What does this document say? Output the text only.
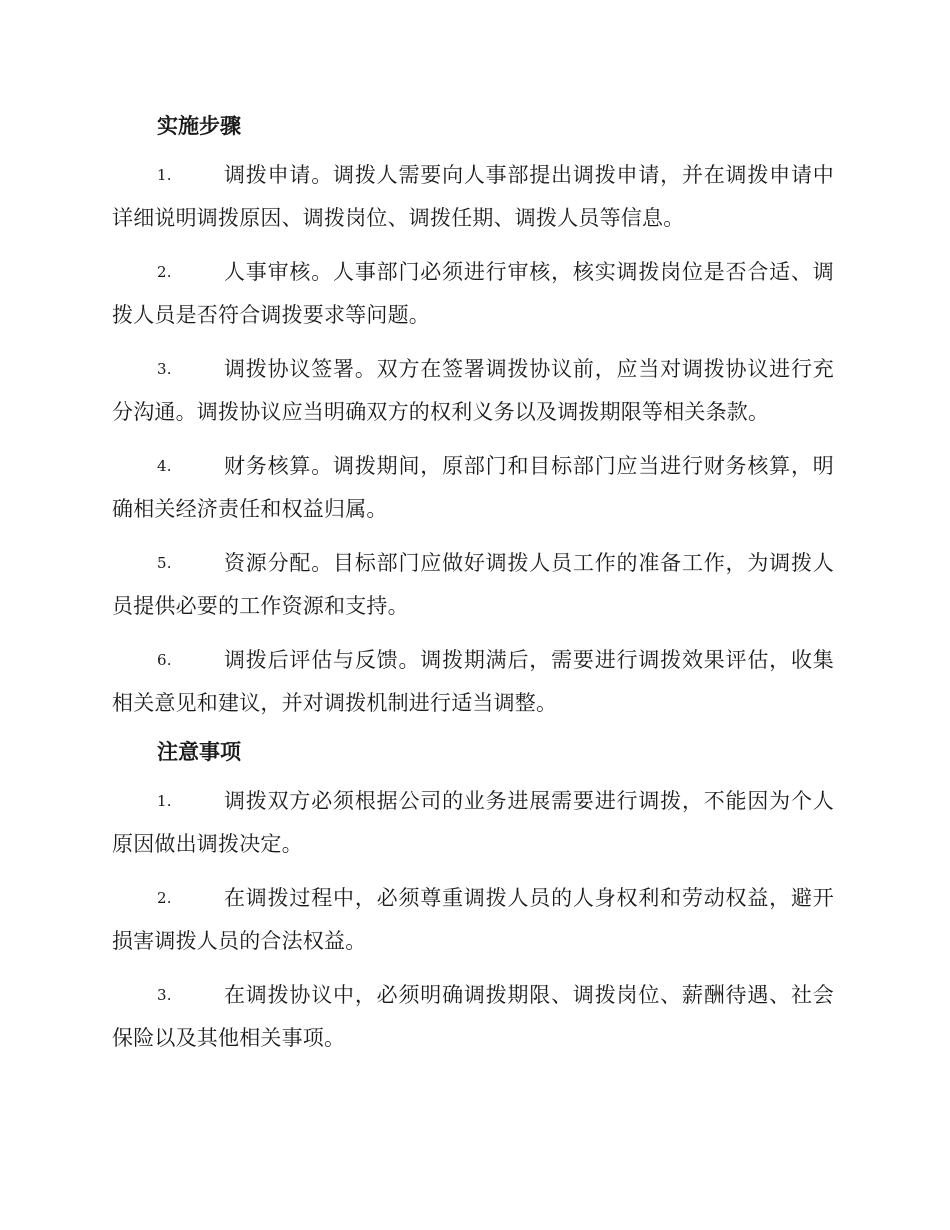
实施步骤
1. 调拨申请。调拨人需要向人事部提出调拨申请，并在调拨申请中详细说明调拨原因、调拨岗位、调拨任期、调拨人员等信息。
2. 人事审核。人事部门必须进行审核，核实调拨岗位是否合适、调拨人员是否符合调拨要求等问题。
3. 调拨协议签署。双方在签署调拨协议前，应当对调拨协议进行充分沟通。调拨协议应当明确双方的权利义务以及调拨期限等相关条款。
4. 财务核算。调拨期间，原部门和目标部门应当进行财务核算，明确相关经济责任和权益归属。
5. 资源分配。目标部门应做好调拨人员工作的准备工作，为调拨人员提供必要的工作资源和支持。
6. 调拨后评估与反馈。调拨期满后，需要进行调拨效果评估，收集相关意见和建议，并对调拨机制进行适当调整。
注意事项
1. 调拨双方必须根据公司的业务进展需要进行调拨，不能因为个人原因做出调拨决定。
2. 在调拨过程中，必须尊重调拨人员的人身权利和劳动权益，避开损害调拨人员的合法权益。
3. 在调拨协议中，必须明确调拨期限、调拨岗位、薪酬待遇、社会保险以及其他相关事项。
